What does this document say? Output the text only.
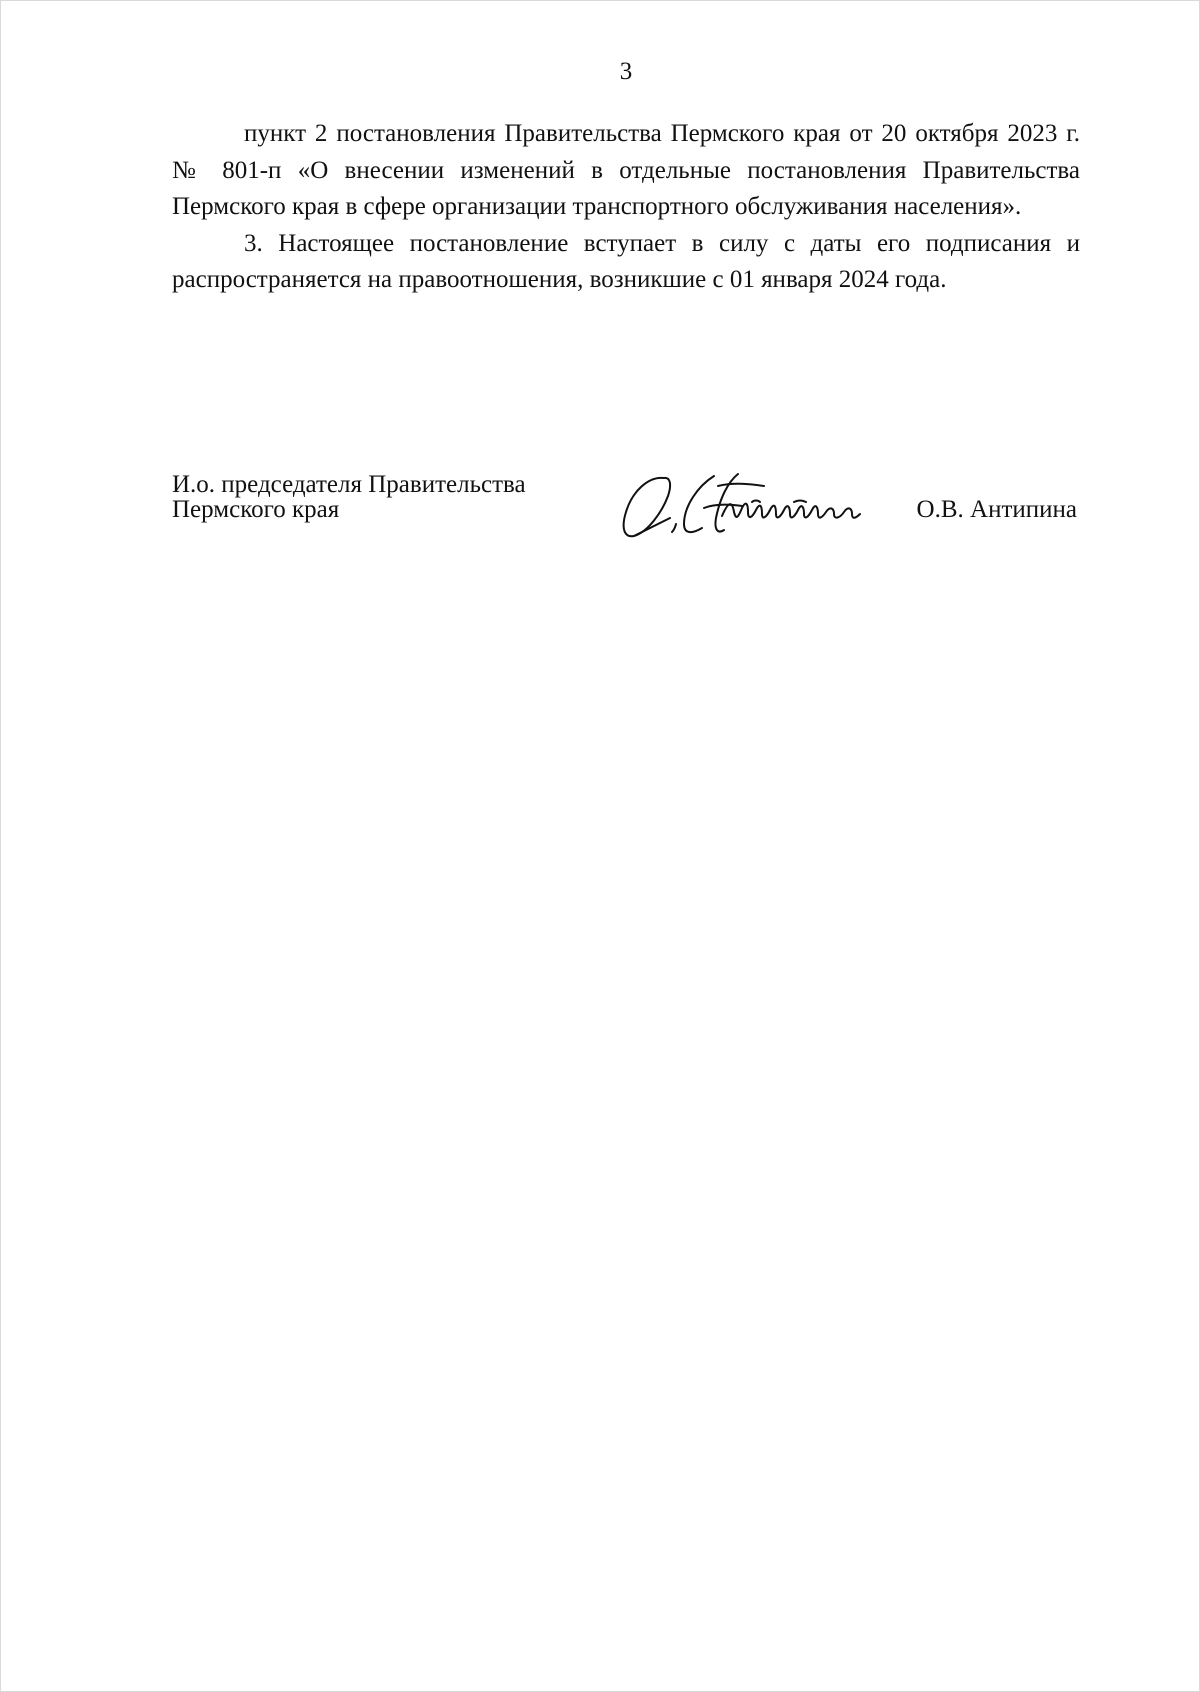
3

пункт 2 постановления Правительства Пермского края от 20 октября 2023 г. № 801-п «О внесении изменений в отдельные постановления Правительства Пермского края в сфере организации транспортного обслуживания населения».

3. Настоящее постановление вступает в силу с даты его подписания и распространяется на правоотношения, возникшие с 01 января 2024 года.

И.о. председателя Правительства
Пермского края	О.В. Антипина
